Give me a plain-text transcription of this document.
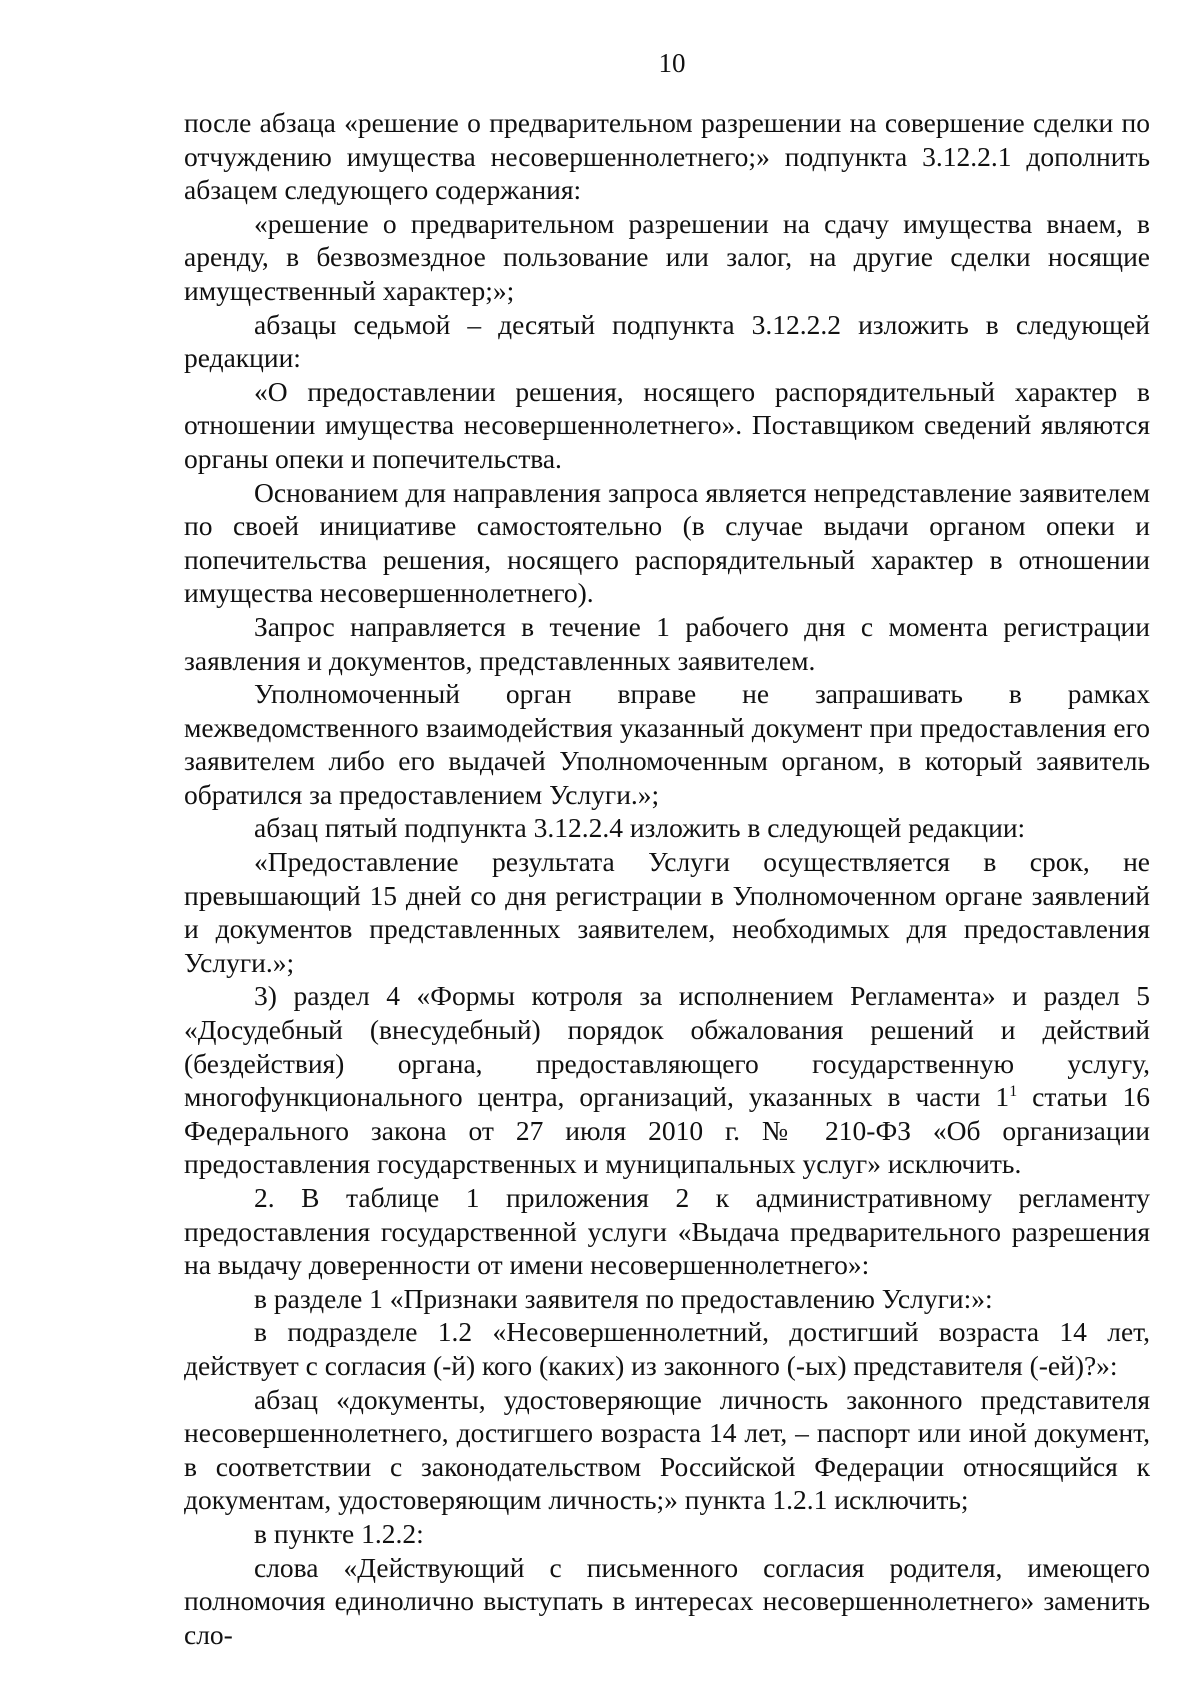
10

после абзаца «решение о предварительном разрешении на совершение сделки по отчуждению имущества несовершеннолетнего;» подпункта 3.12.2.1 дополнить абзацем следующего содержания:

«решение о предварительном разрешении на сдачу имущества внаем, в аренду, в безвозмездное пользование или залог, на другие сделки носящие имущественный характер;»;

абзацы седьмой – десятый подпункта 3.12.2.2 изложить в следующей редакции:

«О предоставлении решения, носящего распорядительный характер в отношении имущества несовершеннолетнего». Поставщиком сведений являются органы опеки и попечительства.

Основанием для направления запроса является непредставление заявителем по своей инициативе самостоятельно (в случае выдачи органом опеки и попечительства решения, носящего распорядительный характер в отношении имущества несовершеннолетнего).

Запрос направляется в течение 1 рабочего дня с момента регистрации заявления и документов, представленных заявителем.

Уполномоченный орган вправе не запрашивать в рамках межведомственного взаимодействия указанный документ при предоставления его заявителем либо его выдачей Уполномоченным органом, в который заявитель обратился за предоставлением Услуги.»;

абзац пятый подпункта 3.12.2.4 изложить в следующей редакции:

«Предоставление результата Услуги осуществляется в срок, не превышающий 15 дней со дня регистрации в Уполномоченном органе заявлений и документов представленных заявителем, необходимых для предоставления Услуги.»;

3) раздел 4 «Формы котроля за исполнением Регламента» и раздел 5 «Досудебный (внесудебный) порядок обжалования решений и действий (бездействия) органа, предоставляющего государственную услугу, многофункционального центра, организаций, указанных в части $1^1$ статьи 16 Федерального закона от 27 июля 2010 г. № 210-ФЗ «Об организации предоставления государственных и муниципальных услуг» исключить.

2. В таблице 1 приложения 2 к административному регламенту предоставления государственной услуги «Выдача предварительного разрешения на выдачу доверенности от имени несовершеннолетнего»:

в разделе 1 «Признаки заявителя по предоставлению Услуги:»:

в подразделе 1.2 «Несовершеннолетний, достигший возраста 14 лет, действует с согласия (-й) кого (каких) из законного (-ых) представителя (-ей)?»:

абзац «документы, удостоверяющие личность законного представителя несовершеннолетнего, достигшего возраста 14 лет, – паспорт или иной документ, в соответствии с законодательством Российской Федерации относящийся к документам, удостоверяющим личность;» пункта 1.2.1 исключить;

в пункте 1.2.2:

слова «Действующий с письменного согласия родителя, имеющего полномочия единолично выступать в интересах несовершеннолетнего» заменить сло-
